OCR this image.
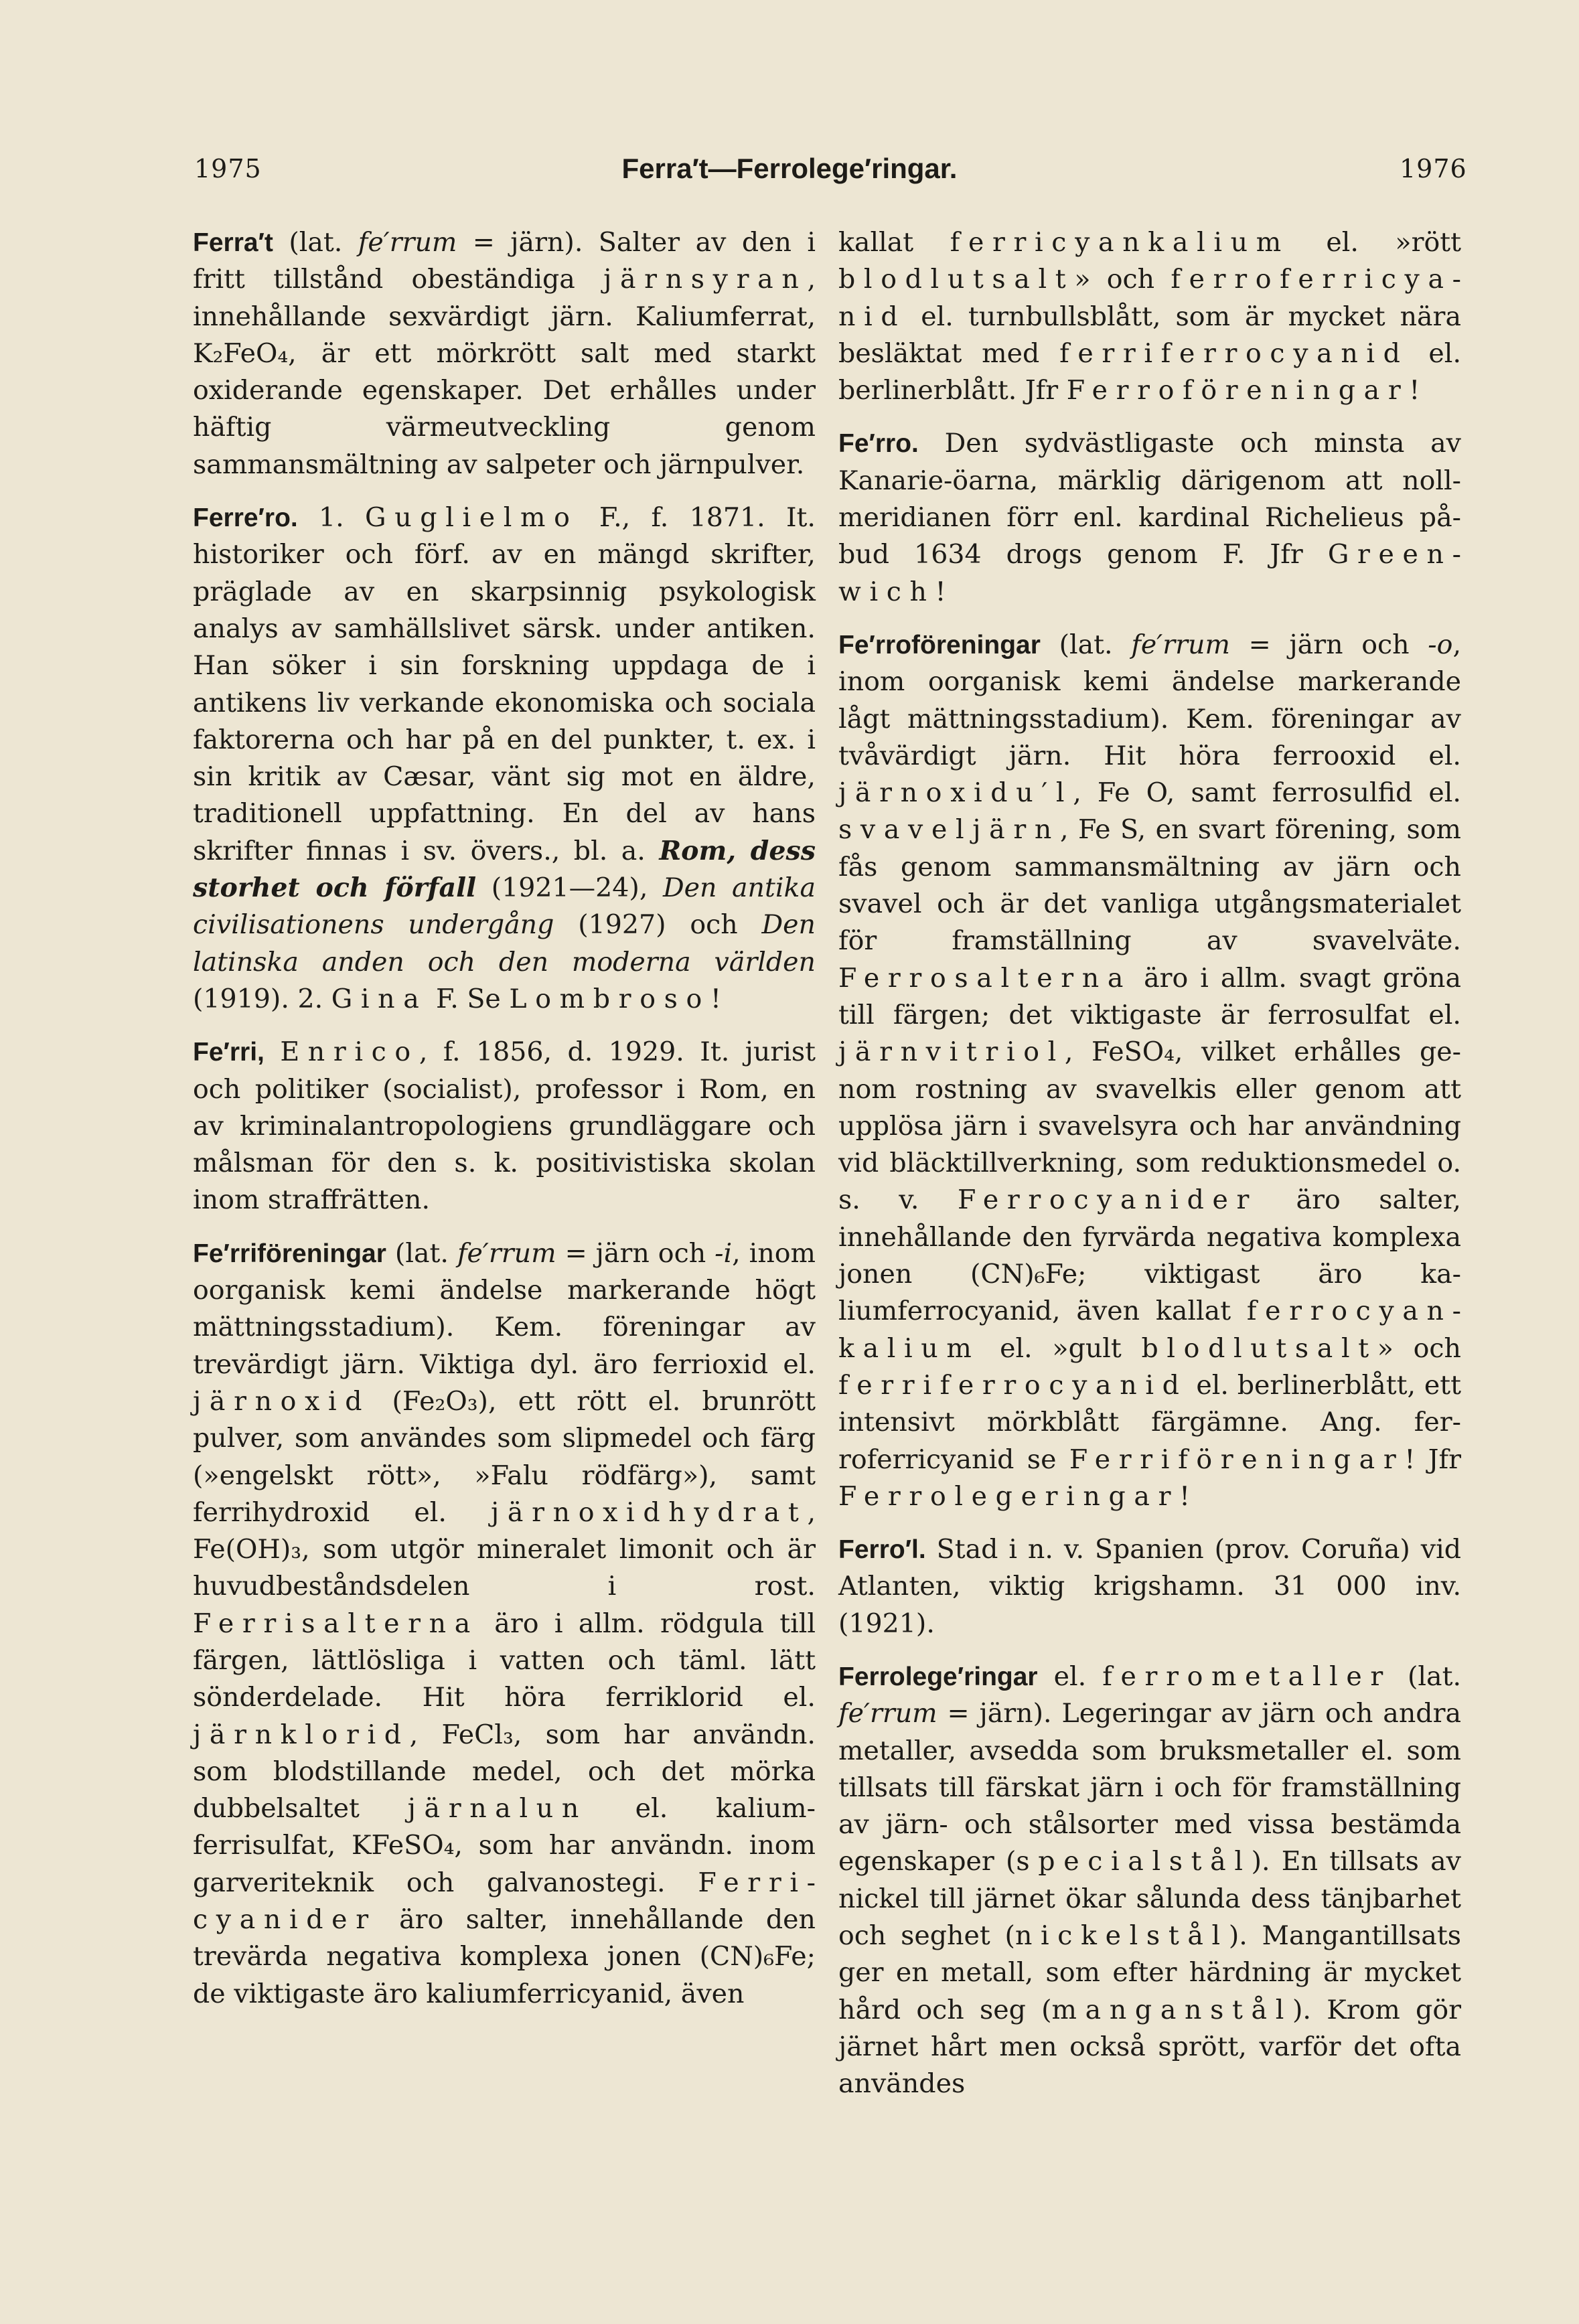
1975	Ferra′t—Ferrolege′ringar.	1976

Ferra′t (lat. fe′rrum = järn). Salter av den i fritt tillstånd obeständiga järnsyran, innehållande sexvärdigt järn. Kaliumferrat, K₂FeO₄, är ett mörkrött salt med starkt oxiderande egenskaper. Det erhålles under häftig värmeutveckling genom sammansmältning av salpeter och järnpulver.

Ferre′ro. 1. Guglielmo F., f. 1871. It. historiker och förf. av en mängd skrifter, präglade av en skarpsinnig psykologisk analys av samhällslivet särsk. under antiken. Han söker i sin forskning uppdaga de i antikens liv verkande ekonomiska och sociala faktorerna och har på en del punkter, t. ex. i sin kritik av Cæsar, vänt sig mot en äldre, traditionell uppfattning. En del av hans skrifter finnas i sv. övers., bl. a. Rom, dess storhet och förfall (1921—24), Den antika civilisationens undergång (1927) och Den latinska anden och den moderna världen (1919). 2. Gina F. Se Lombroso!

Fe′rri, Enrico, f. 1856, d. 1929. It. jurist och politiker (socialist), professor i Rom, en av kriminalantropologiens grundläggare och målsman för den s. k. positivistiska skolan inom straffrätten.

Fe′rriföreningar (lat. fe′rrum = järn och -i, inom oorganisk kemi ändelse markerande högt mättningsstadium). Kem. föreningar av trevärdigt järn. Viktiga dyl. äro ferrioxid el. järnoxid (Fe₂O₃), ett rött el. brunrött pulver, som användes som slipmedel och färg (»engelskt rött», »Falu rödfärg»), samt ferrihydroxid el. järnoxidhydrat, Fe(OH)₃, som utgör mineralet limonit och är huvudbeståndsdelen i rost. Ferrisalterna äro i allm. rödgula till färgen, lättlösliga i vatten och täml. lätt sönderdelade. Hit höra ferriklorid el. järnklorid, FeCl₃, som har användn. som blodstillande medel, och det mörka dubbelsaltet järnalun el. kaliumferrisulfat, KFeSO₄, som har användn. inom garveriteknik och galvanostegi. Ferricyanider äro salter, innehållande den trevärda negativa komplexa jonen (CN)₆Fe; de viktigaste äro kaliumferricyanid, även

kallat ferricyankalium el. »rött blodlutsalt» och ferroferricyanid el. turnbullsblått, som är mycket nära besläktat med ferriferrocyanid el. berlinerblått. Jfr Ferroföreningar!

Fe′rro. Den sydvästligaste och minsta av Kanarie-öarna, märklig därigenom att nollmeridianen förr enl. kardinal Richelieus påbud 1634 drogs genom F. Jfr Greenwich!

Fe′rroföreningar (lat. fe′rrum = järn och -o, inom oorganisk kemi ändelse markerande lågt mättningsstadium). Kem. föreningar av tvåvärdigt järn. Hit höra ferrooxid el. järnoxidu′l, Fe O, samt ferrosulfid el. svaveljärn, Fe S, en svart förening, som fås genom sammansmältning av järn och svavel och är det vanliga utgångsmaterialet för framställning av svavelväte. Ferrosalterna äro i allm. svagt gröna till färgen; det viktigaste är ferrosulfat el. järnvitriol, FeSO₄, vilket erhålles genom rostning av svavelkis eller genom att upplösa järn i svavelsyra och har användning vid bläcktillverkning, som reduktionsmedel o. s. v. Ferrocyanider äro salter, innehållande den fyrvärda negativa komplexa jonen (CN)₆Fe; viktigast äro kaliumferrocyanid, även kallat ferrocyankalium el. »gult blodlutsalt» och ferriferrocyanid el. berlinerblått, ett intensivt mörkblått färgämne. Ang. ferroferricyanid se Ferriföreningar! Jfr Ferrolegeringar!

Ferro′l. Stad i n. v. Spanien (prov. Coruña) vid Atlanten, viktig krigshamn. 31 000 inv. (1921).

Ferrolege′ringar el. ferrometaller (lat. fe′rrum = järn). Legeringar av järn och andra metaller, avsedda som bruksmetaller el. som tillsats till färskat järn i och för framställning av järn- och stålsorter med vissa bestämda egenskaper (specialstål). En tillsats av nickel till järnet ökar sålunda dess tänjbarhet och seghet (nickelstål). Mangantillsats ger en metall, som efter härdning är mycket hård och seg (manganstål). Krom gör järnet hårt men också sprött, varför det ofta användes
